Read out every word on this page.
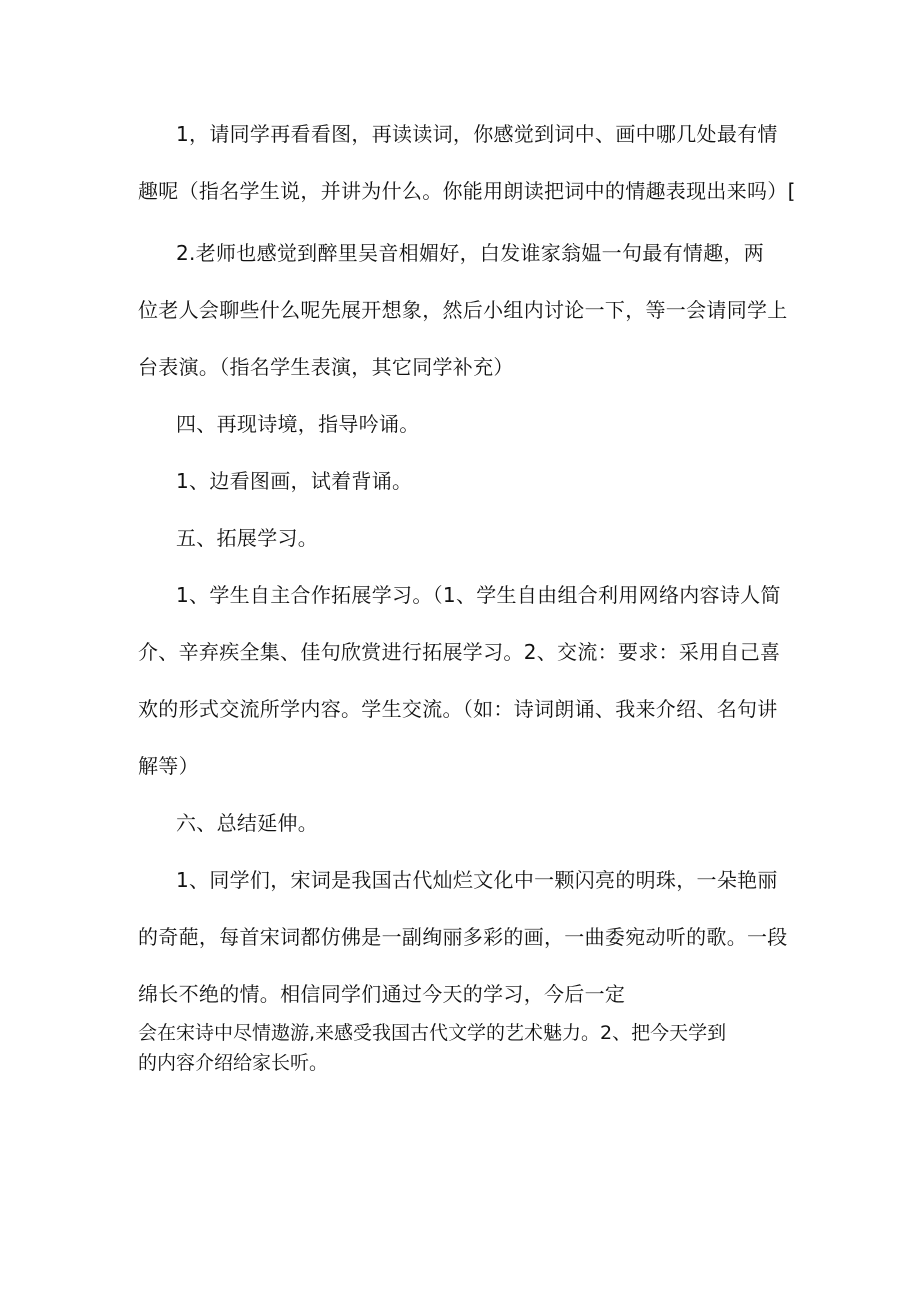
1，请同学再看看图，再读读词，你感觉到词中、画中哪几处最有情
趣呢（指名学生说，并讲为什么。你能用朗读把词中的情趣表现出来吗）[
2.老师也感觉到醉里吴音相媚好，白发谁家翁媪一句最有情趣，两
位老人会聊些什么呢先展开想象，然后小组内讨论一下，等一会请同学上
台表演。（指名学生表演，其它同学补充）
四、再现诗境，指导吟诵。
1、边看图画，试着背诵。
五、拓展学习。
1、学生自主合作拓展学习。（1、学生自由组合利用网络内容诗人简
介、辛弃疾全集、佳句欣赏进行拓展学习。2、交流：要求：采用自己喜
欢的形式交流所学内容。学生交流。（如：诗词朗诵、我来介绍、名句讲
解等）
六、总结延伸。
1、同学们，宋词是我国古代灿烂文化中一颗闪亮的明珠，一朵艳丽
的奇葩，每首宋词都仿佛是一副绚丽多彩的画，一曲委宛动听的歌。一段
绵长不绝的情。相信同学们通过今天的学习，今后一定
会在宋诗中尽情遨游,来感受我国古代文学的艺术魅力。2、把今天学到
的内容介绍给家长听。
